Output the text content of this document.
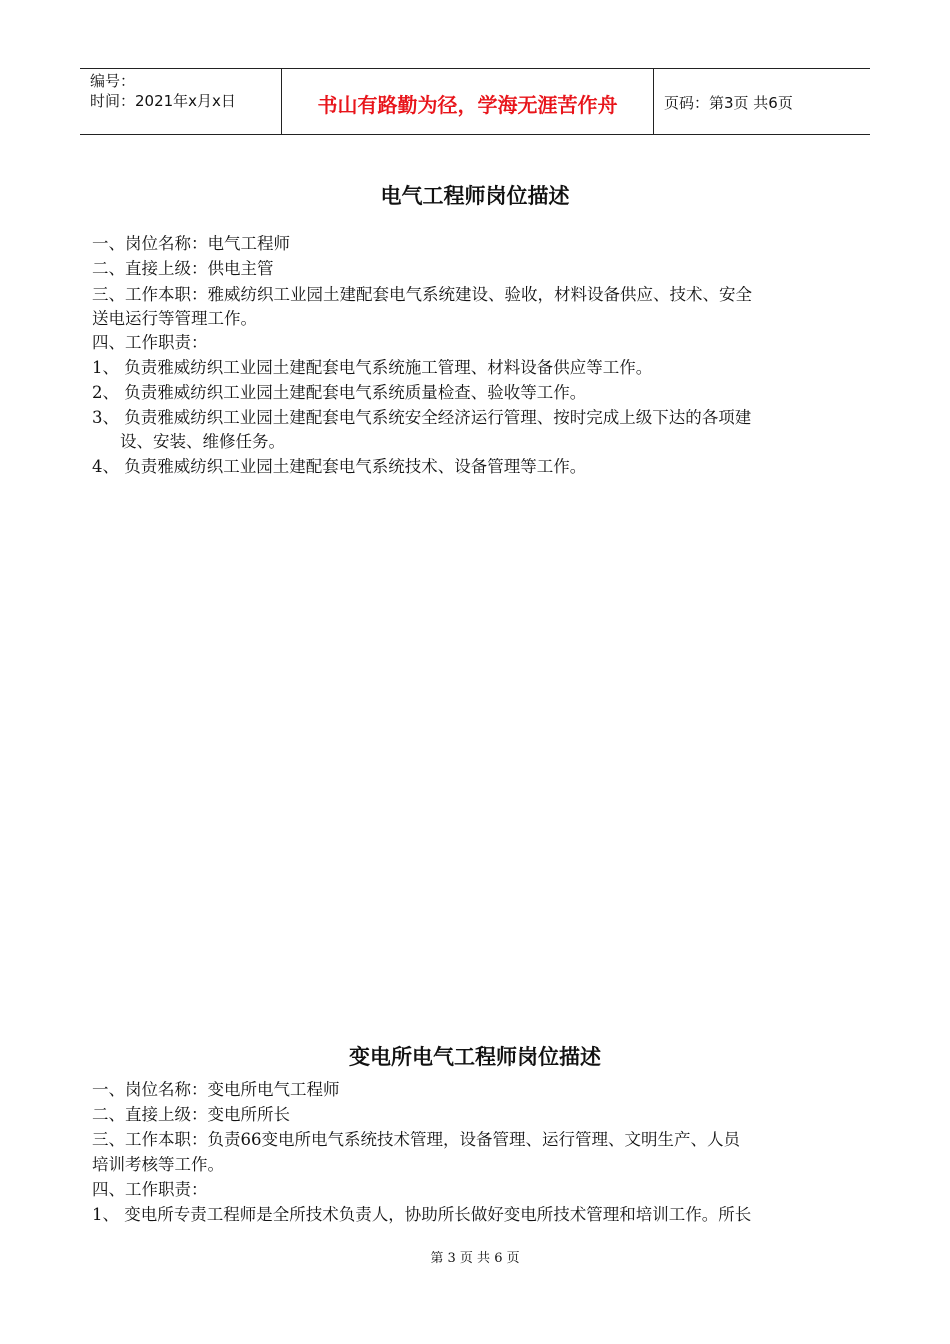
编号：
时间：2021年x月x日	书山有路勤为径，学海无涯苦作舟	页码：第3页 共6页
电气工程师岗位描述
一、岗位名称：电气工程师
二、直接上级：供电主管
三、工作本职：雅威纺织工业园土建配套电气系统建设、验收，材料设备供应、技术、安全
送电运行等管理工作。
四、工作职责：
1、 负责雅威纺织工业园土建配套电气系统施工管理、材料设备供应等工作。
2、 负责雅威纺织工业园土建配套电气系统质量检查、验收等工作。
3、 负责雅威纺织工业园土建配套电气系统安全经济运行管理、按时完成上级下达的各项建
设、安装、维修任务。
4、 负责雅威纺织工业园土建配套电气系统技术、设备管理等工作。
变电所电气工程师岗位描述
一、岗位名称：变电所电气工程师
二、直接上级：变电所所长
三、工作本职：负责66变电所电气系统技术管理，设备管理、运行管理、文明生产、人员
培训考核等工作。
四、工作职责：
1、 变电所专责工程师是全所技术负责人，协助所长做好变电所技术管理和培训工作。所长
第 3 页 共 6 页
